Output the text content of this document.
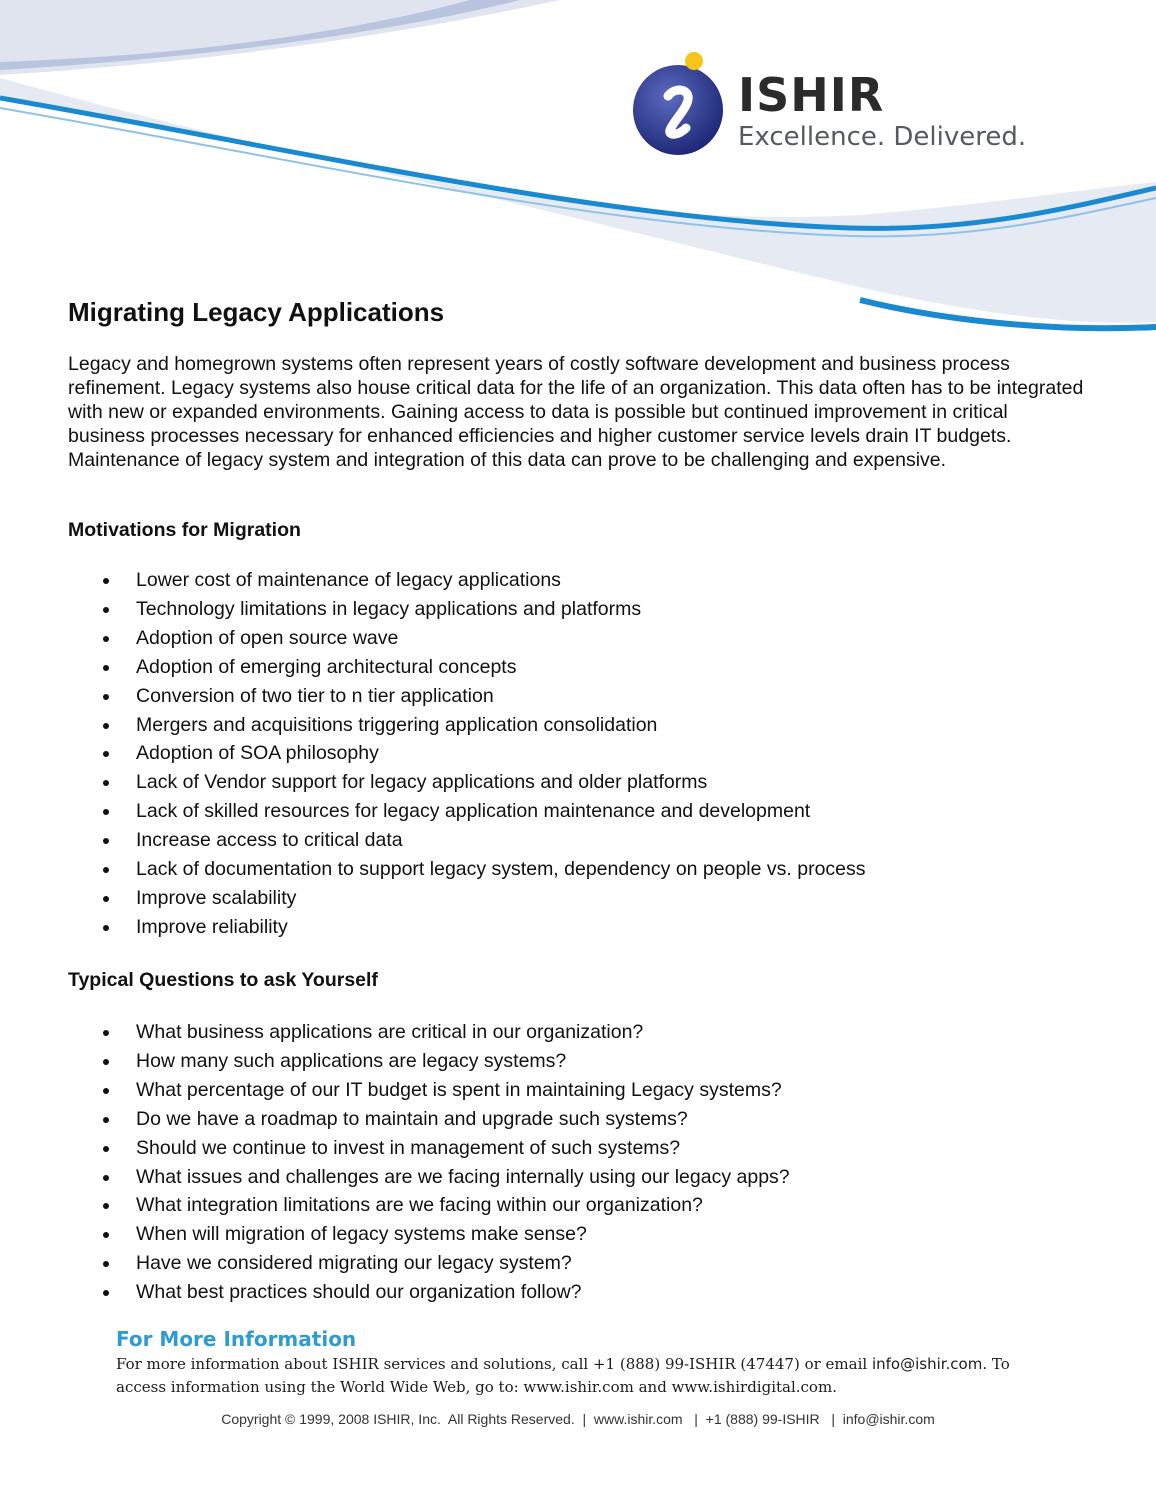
ISHIR
Excellence. Delivered.
Migrating Legacy Applications

Legacy and homegrown systems often represent years of costly software development and business process refinement. Legacy systems also house critical data for the life of an organization. This data often has to be integrated with new or expanded environments. Gaining access to data is possible but continued improvement in critical business processes necessary for enhanced efficiencies and higher customer service levels drain IT budgets. Maintenance of legacy system and integration of this data can prove to be challenging and expensive.

Motivations for Migration
Lower cost of maintenance of legacy applications
Technology limitations in legacy applications and platforms
Adoption of open source wave
Adoption of emerging architectural concepts
Conversion of two tier to n tier application
Mergers and acquisitions triggering application consolidation
Adoption of SOA philosophy
Lack of Vendor support for legacy applications and older platforms
Lack of skilled resources for legacy application maintenance and development
Increase access to critical data
Lack of documentation to support legacy system, dependency on people vs. process
Improve scalability
Improve reliability
Typical Questions to ask Yourself
What business applications are critical in our organization?
How many such applications are legacy systems?
What percentage of our IT budget is spent in maintaining Legacy systems?
Do we have a roadmap to maintain and upgrade such systems?
Should we continue to invest in management of such systems?
What issues and challenges are we facing internally using our legacy apps?
What integration limitations are we facing within our organization?
When will migration of legacy systems make sense?
Have we considered migrating our legacy system?
What best practices should our organization follow?
For More Information

For more information about ISHIR services and solutions, call +1 (888) 99-ISHIR (47447) or email info@ishir.com. To access information using the World Wide Web, go to: www.ishir.com and www.ishirdigital.com.

Copyright © 1999, 2008 ISHIR, Inc.  All Rights Reserved.  |  www.ishir.com   |  +1 (888) 99-ISHIR   |  info@ishir.com
